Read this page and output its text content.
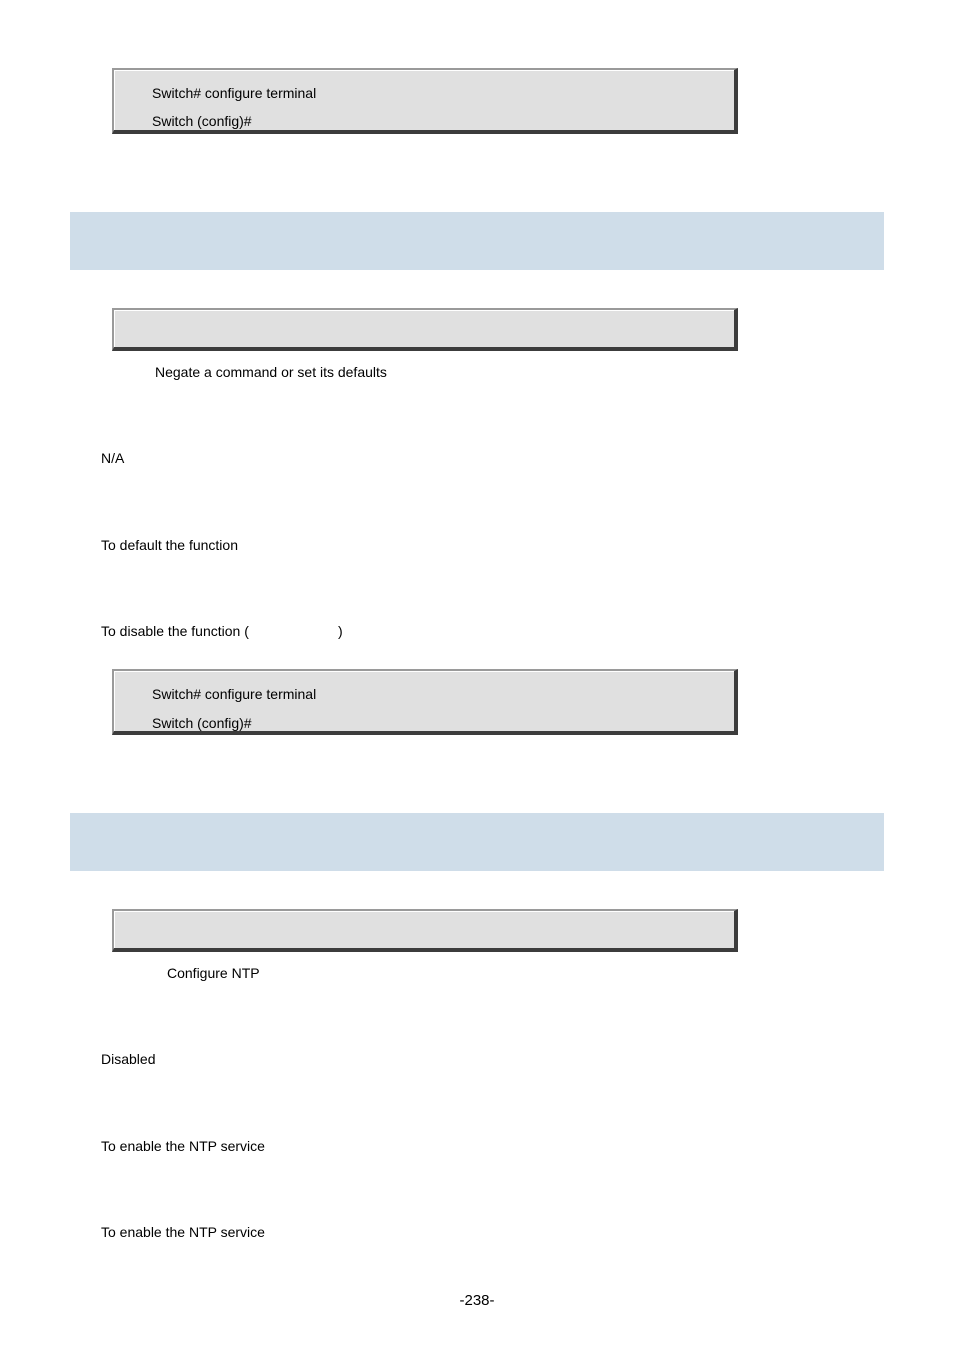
Switch# configure terminal
Switch (config)#
Negate a command or set its defaults
N/A
To default the function
To disable the function (	)
Switch# configure terminal
Switch (config)#
Configure NTP
Disabled
To enable the NTP service
To enable the NTP service
-238-
